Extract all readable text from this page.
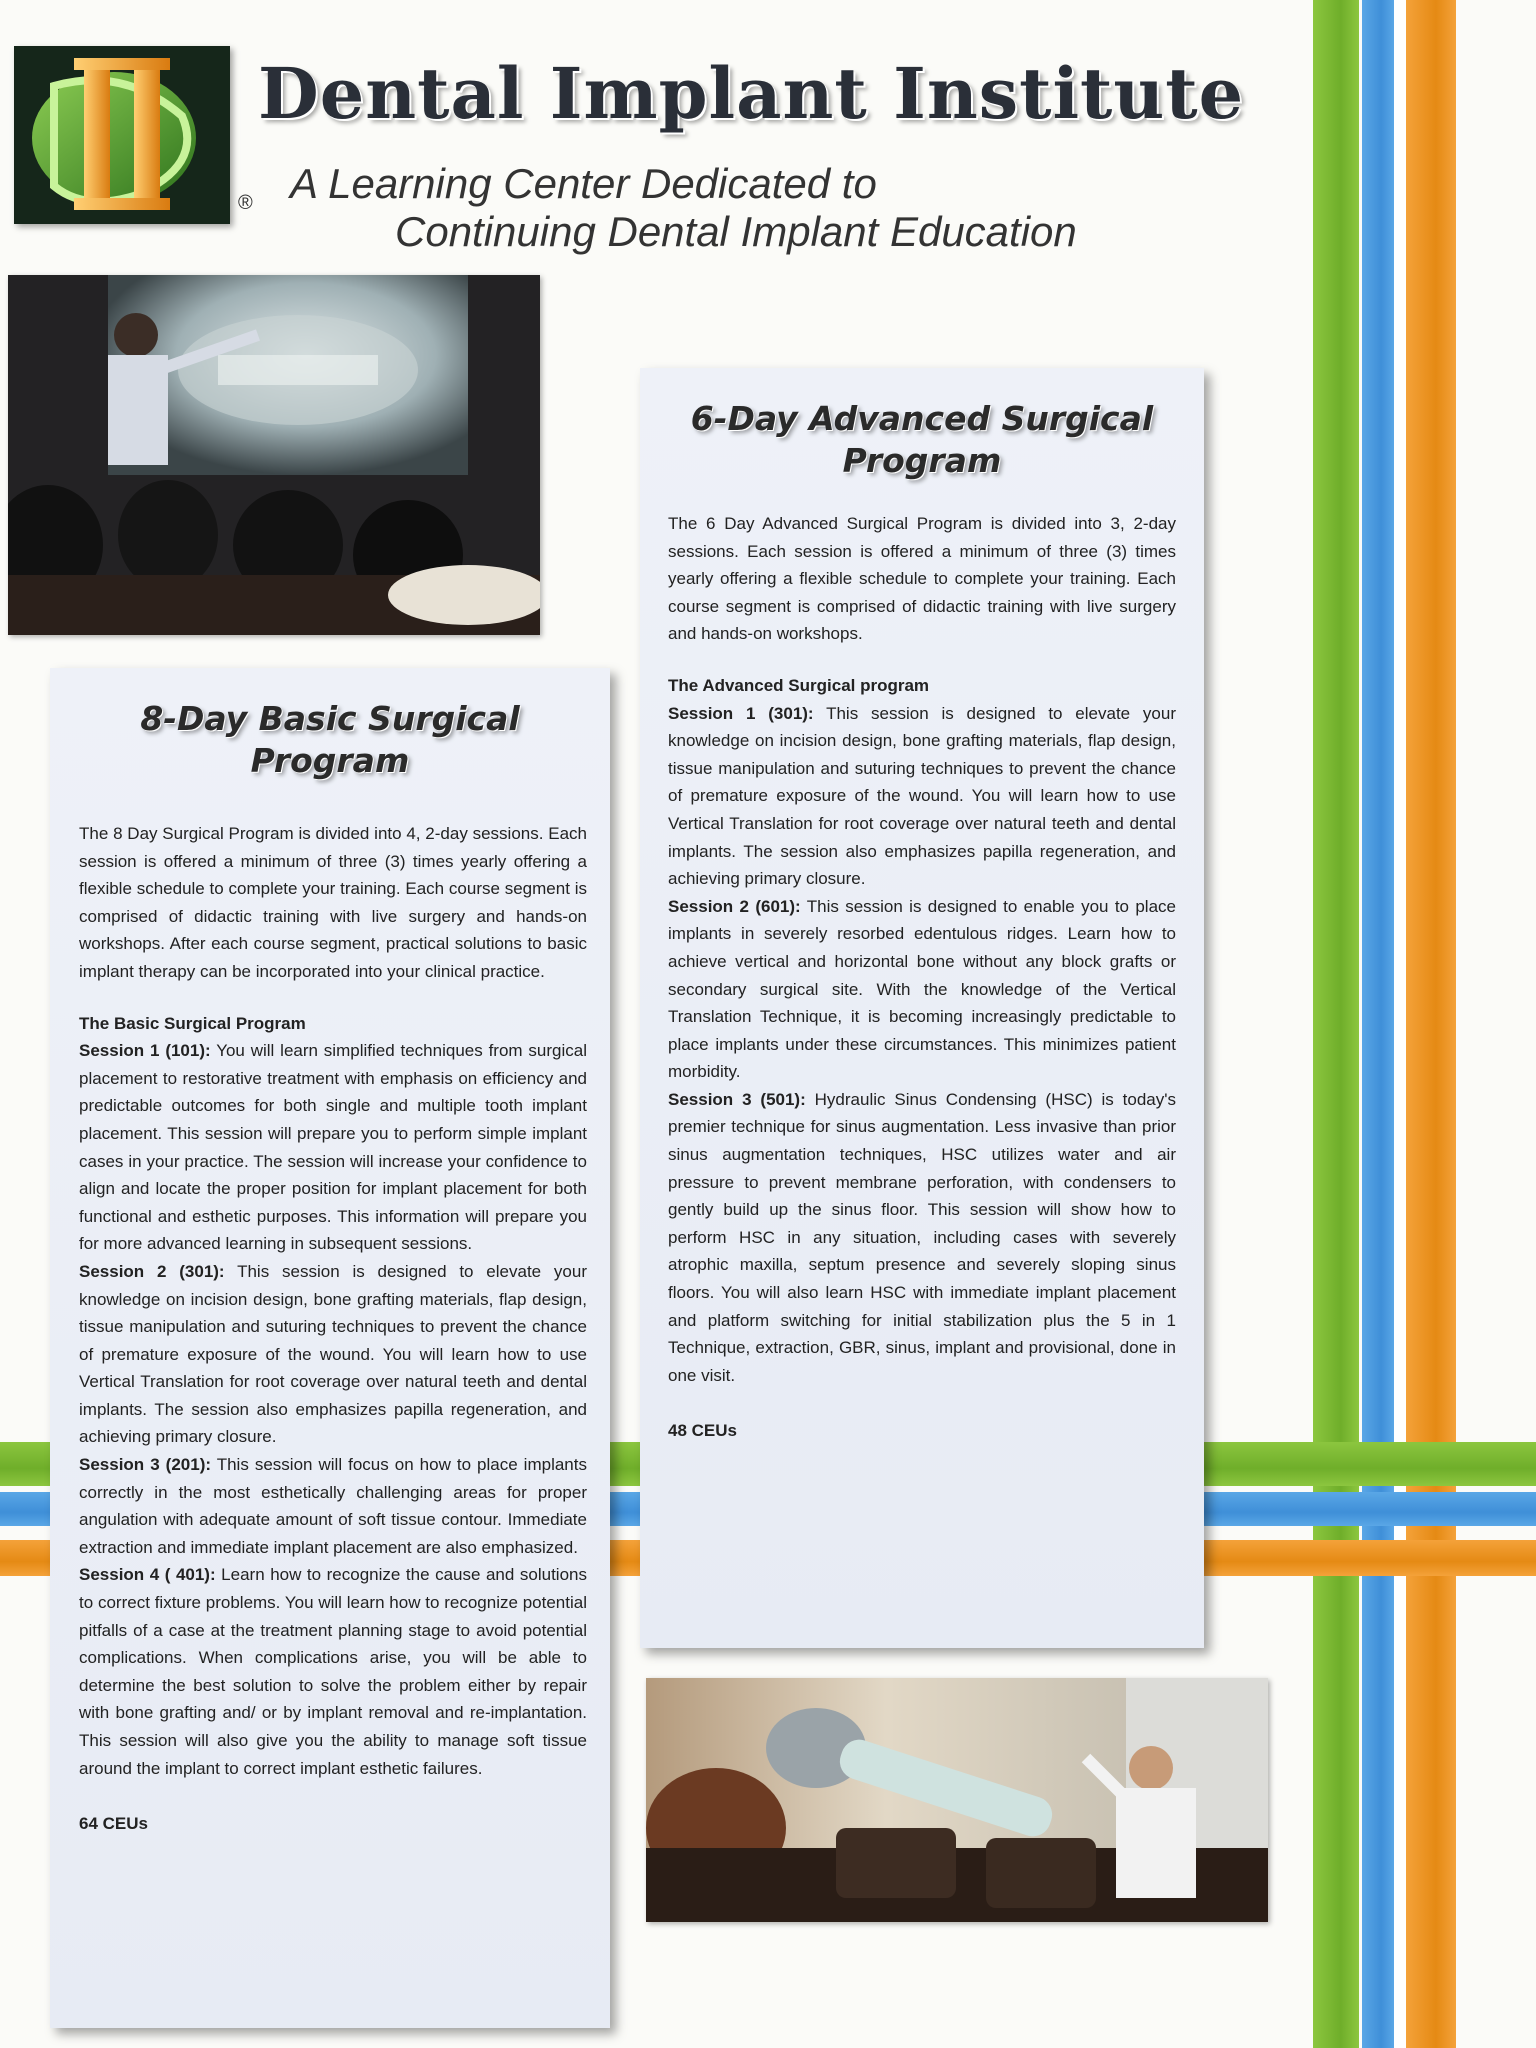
®
Dental Implant Institute
A Learning Center Dedicated to
Continuing Dental Implant Education
8-Day Basic Surgical
Program

The 8 Day Surgical Program is divided into 4, 2-day sessions. Each session is offered a minimum of three (3) times yearly offering a flexible schedule to complete your training. Each course segment is comprised of didactic training with live surgery and hands-on workshops. After each course segment, practical solutions to basic implant therapy can be incorporated into your clinical practice.

The Basic Surgical Program

Session 1 (101): You will learn simplified techniques from surgical placement to restorative treatment with emphasis on efficiency and predictable outcomes for both single and multiple tooth implant placement. This session will prepare you to perform simple implant cases in your practice. The session will increase your confidence to align and locate the proper position for implant placement for both functional and esthetic purposes. This information will prepare you for more advanced learning in subsequent sessions.

Session 2 (301): This session is designed to elevate your knowledge on incision design, bone grafting materials, flap design, tissue manipulation and suturing techniques to prevent the chance of premature exposure of the wound. You will learn how to use Vertical Translation for root coverage over natural teeth and dental implants. The session also emphasizes papilla regeneration, and achieving primary closure.

Session 3 (201): This session will focus on how to place implants correctly in the most esthetically challenging areas for proper angulation with adequate amount of soft tissue contour. Immediate extraction and immediate implant placement are also emphasized.

Session 4 ( 401): Learn how to recognize the cause and solutions to correct fixture problems. You will learn how to recognize potential pitfalls of a case at the treatment planning stage to avoid potential complications. When complications arise, you will be able to determine the best solution to solve the problem either by repair with bone grafting and/ or by implant removal and re-implantation. This session will also give you the ability to manage soft tissue around the implant to correct implant esthetic failures.

64 CEUs

6-Day Advanced Surgical
Program

The 6 Day Advanced Surgical Program is divided into 3, 2-day sessions. Each session is offered a minimum of three (3) times yearly offering a flexible schedule to complete your training. Each course segment is comprised of didactic training with live surgery and hands-on workshops.

The Advanced Surgical program

Session 1 (301): This session is designed to elevate your knowledge on incision design, bone grafting materials, flap design, tissue manipulation and suturing techniques to prevent the chance of premature exposure of the wound. You will learn how to use Vertical Translation for root coverage over natural teeth and dental implants. The session also emphasizes papilla regeneration, and achieving primary closure.

Session 2 (601): This session is designed to enable you to place implants in severely resorbed edentulous ridges. Learn how to achieve vertical and horizontal bone without any block grafts or secondary surgical site. With the knowledge of the Vertical Translation Technique, it is becoming increasingly predictable to place implants under these circumstances. This minimizes patient morbidity.

Session 3 (501): Hydraulic Sinus Condensing (HSC) is today's premier technique for sinus augmentation. Less invasive than prior sinus augmentation techniques, HSC utilizes water and air pressure to prevent membrane perforation, with condensers to gently build up the sinus floor. This session will show how to perform HSC in any situation, including cases with severely atrophic maxilla, septum presence and severely sloping sinus floors. You will also learn HSC with immediate implant placement and platform switching for initial stabilization plus the 5 in 1 Technique, extraction, GBR, sinus, implant and provisional, done in one visit.

48 CEUs
